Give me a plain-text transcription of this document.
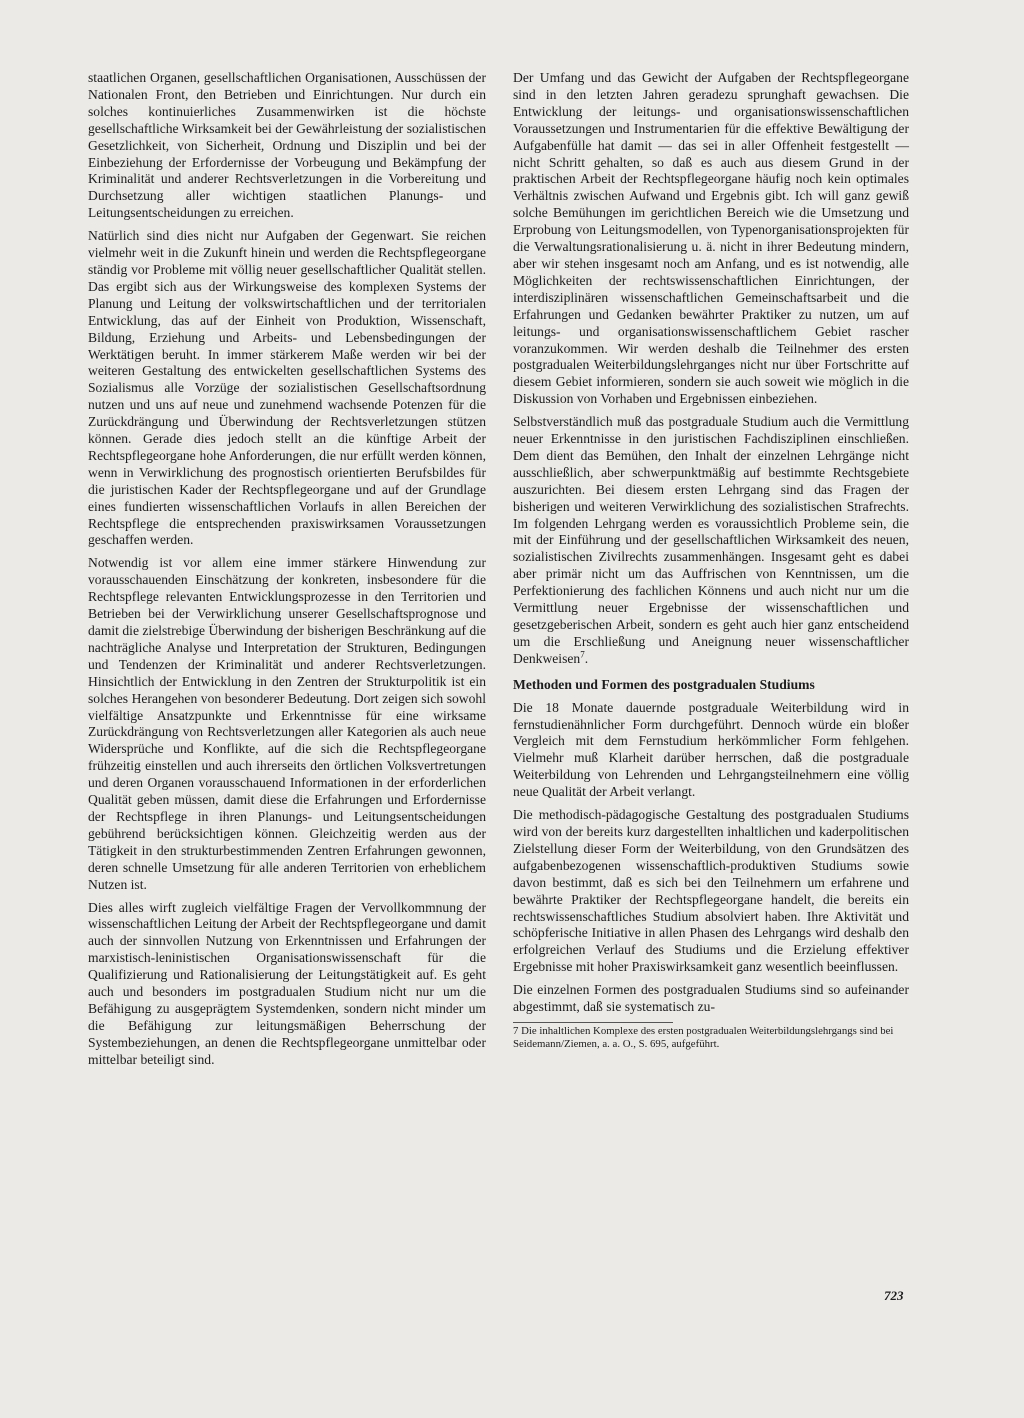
staatlichen Organen, gesellschaftlichen Organisationen, Ausschüssen der Nationalen Front, den Betrieben und Einrichtungen. Nur durch ein solches kontinuierliches Zusammenwirken ist die höchste gesellschaftliche Wirksamkeit bei der Gewährleistung der sozialistischen Gesetzlichkeit, von Sicherheit, Ordnung und Disziplin und bei der Einbeziehung der Erfordernisse der Vorbeugung und Bekämpfung der Kriminalität und anderer Rechtsverletzungen in die Vorbereitung und Durchsetzung aller wichtigen staatlichen Planungs- und Leitungsentscheidungen zu erreichen.

Natürlich sind dies nicht nur Aufgaben der Gegenwart. Sie reichen vielmehr weit in die Zukunft hinein und werden die Rechtspflegeorgane ständig vor Probleme mit völlig neuer gesellschaftlicher Qualität stellen. Das ergibt sich aus der Wirkungsweise des komplexen Systems der Planung und Leitung der volkswirtschaftlichen und der territorialen Entwicklung, das auf der Einheit von Produktion, Wissenschaft, Bildung, Erziehung und Arbeits- und Lebensbedingungen der Werktätigen beruht. In immer stärkerem Maße werden wir bei der weiteren Gestaltung des entwickelten gesellschaftlichen Systems des Sozialismus alle Vorzüge der sozialistischen Gesellschaftsordnung nutzen und uns auf neue und zunehmend wachsende Potenzen für die Zurückdrängung und Überwindung der Rechtsverletzungen stützen können. Gerade dies jedoch stellt an die künftige Arbeit der Rechtspflegeorgane hohe Anforderungen, die nur erfüllt werden können, wenn in Verwirklichung des prognostisch orientierten Berufsbildes für die juristischen Kader der Rechtspflegeorgane und auf der Grundlage eines fundierten wissenschaftlichen Vorlaufs in allen Bereichen der Rechtspflege die entsprechenden praxiswirksamen Voraussetzungen geschaffen werden.

Notwendig ist vor allem eine immer stärkere Hinwendung zur vorausschauenden Einschätzung der konkreten, insbesondere für die Rechtspflege relevanten Entwicklungsprozesse in den Territorien und Betrieben bei der Verwirklichung unserer Gesellschaftsprognose und damit die zielstrebige Überwindung der bisherigen Beschränkung auf die nachträgliche Analyse und Interpretation der Strukturen, Bedingungen und Tendenzen der Kriminalität und anderer Rechtsverletzungen. Hinsichtlich der Entwicklung in den Zentren der Strukturpolitik ist ein solches Herangehen von besonderer Bedeutung. Dort zeigen sich sowohl vielfältige Ansatzpunkte und Erkenntnisse für eine wirksame Zurückdrängung von Rechtsverletzungen aller Kategorien als auch neue Widersprüche und Konflikte, auf die sich die Rechtspflegeorgane frühzeitig einstellen und auch ihrerseits den örtlichen Volksvertretungen und deren Organen vorausschauend Informationen in der erforderlichen Qualität geben müssen, damit diese die Erfahrungen und Erfordernisse der Rechtspflege in ihren Planungs- und Leitungsentscheidungen gebührend berücksichtigen können. Gleichzeitig werden aus der Tätigkeit in den strukturbestimmenden Zentren Erfahrungen gewonnen, deren schnelle Umsetzung für alle anderen Territorien von erheblichem Nutzen ist.

Dies alles wirft zugleich vielfältige Fragen der Vervollkommnung der wissenschaftlichen Leitung der Arbeit der Rechtspflegeorgane und damit auch der sinnvollen Nutzung von Erkenntnissen und Erfahrungen der marxistisch-leninistischen Organisationswissenschaft für die Qualifizierung und Rationalisierung der Leitungstätigkeit auf. Es geht auch und besonders im postgradualen Studium nicht nur um die Befähigung zu ausgeprägtem Systemdenken, sondern nicht minder um die Befähigung zur leitungsmäßigen Beherrschung der Systembeziehungen, an denen die Rechtspflegeorgane unmittelbar oder mittelbar beteiligt sind.

Der Umfang und das Gewicht der Aufgaben der Rechtspflegeorgane sind in den letzten Jahren geradezu sprunghaft gewachsen. Die Entwicklung der leitungs- und organisationswissenschaftlichen Voraussetzungen und Instrumentarien für die effektive Bewältigung der Aufgabenfülle hat damit — das sei in aller Offenheit festgestellt — nicht Schritt gehalten, so daß es auch aus diesem Grund in der praktischen Arbeit der Rechtspflegeorgane häufig noch kein optimales Verhältnis zwischen Aufwand und Ergebnis gibt. Ich will ganz gewiß solche Bemühungen im gerichtlichen Bereich wie die Umsetzung und Erprobung von Leitungsmodellen, von Typenorganisationsprojekten für die Verwaltungsrationalisierung u. ä. nicht in ihrer Bedeutung mindern, aber wir stehen insgesamt noch am Anfang, und es ist notwendig, alle Möglichkeiten der rechtswissenschaftlichen Einrichtungen, der interdisziplinären wissenschaftlichen Gemeinschaftsarbeit und die Erfahrungen und Gedanken bewährter Praktiker zu nutzen, um auf leitungs- und organisationswissenschaftlichem Gebiet rascher voranzukommen. Wir werden deshalb die Teilnehmer des ersten postgradualen Weiterbildungslehrganges nicht nur über Fortschritte auf diesem Gebiet informieren, sondern sie auch soweit wie möglich in die Diskussion von Vorhaben und Ergebnissen einbeziehen.

Selbstverständlich muß das postgraduale Studium auch die Vermittlung neuer Erkenntnisse in den juristischen Fachdisziplinen einschließen. Dem dient das Bemühen, den Inhalt der einzelnen Lehrgänge nicht ausschließlich, aber schwerpunktmäßig auf bestimmte Rechtsgebiete auszurichten. Bei diesem ersten Lehrgang sind das Fragen der bisherigen und weiteren Verwirklichung des sozialistischen Strafrechts. Im folgenden Lehrgang werden es voraussichtlich Probleme sein, die mit der Einführung und der gesellschaftlichen Wirksamkeit des neuen, sozialistischen Zivilrechts zusammenhängen. Insgesamt geht es dabei aber primär nicht um das Auffrischen von Kenntnissen, um die Perfektionierung des fachlichen Könnens und auch nicht nur um die Vermittlung neuer Ergebnisse der wissenschaftlichen und gesetzgeberischen Arbeit, sondern es geht auch hier ganz entscheidend um die Erschließung und Aneignung neuer wissenschaftlicher Denkweisen$^7$.

Methoden und Formen des postgradualen Studiums

Die 18 Monate dauernde postgraduale Weiterbildung wird in fernstudienähnlicher Form durchgeführt. Dennoch würde ein bloßer Vergleich mit dem Fernstudium herkömmlicher Form fehlgehen. Vielmehr muß Klarheit darüber herrschen, daß die postgraduale Weiterbildung von Lehrenden und Lehrgangsteilnehmern eine völlig neue Qualität der Arbeit verlangt.

Die methodisch-pädagogische Gestaltung des postgradualen Studiums wird von der bereits kurz dargestellten inhaltlichen und kaderpolitischen Zielstellung dieser Form der Weiterbildung, von den Grundsätzen des aufgabenbezogenen wissenschaftlich-produktiven Studiums sowie davon bestimmt, daß es sich bei den Teilnehmern um erfahrene und bewährte Praktiker der Rechtspflegeorgane handelt, die bereits ein rechtswissenschaftliches Studium absolviert haben. Ihre Aktivität und schöpferische Initiative in allen Phasen des Lehrgangs wird deshalb den erfolgreichen Verlauf des Studiums und die Erzielung effektiver Ergebnisse mit hoher Praxiswirksamkeit ganz wesentlich beeinflussen.

Die einzelnen Formen des postgradualen Studiums sind so aufeinander abgestimmt, daß sie systematisch zu-

7 Die inhaltlichen Komplexe des ersten postgradualen Weiterbildungslehrgangs sind bei Seidemann/Ziemen, a. a. O., S. 695, aufgeführt.
723
